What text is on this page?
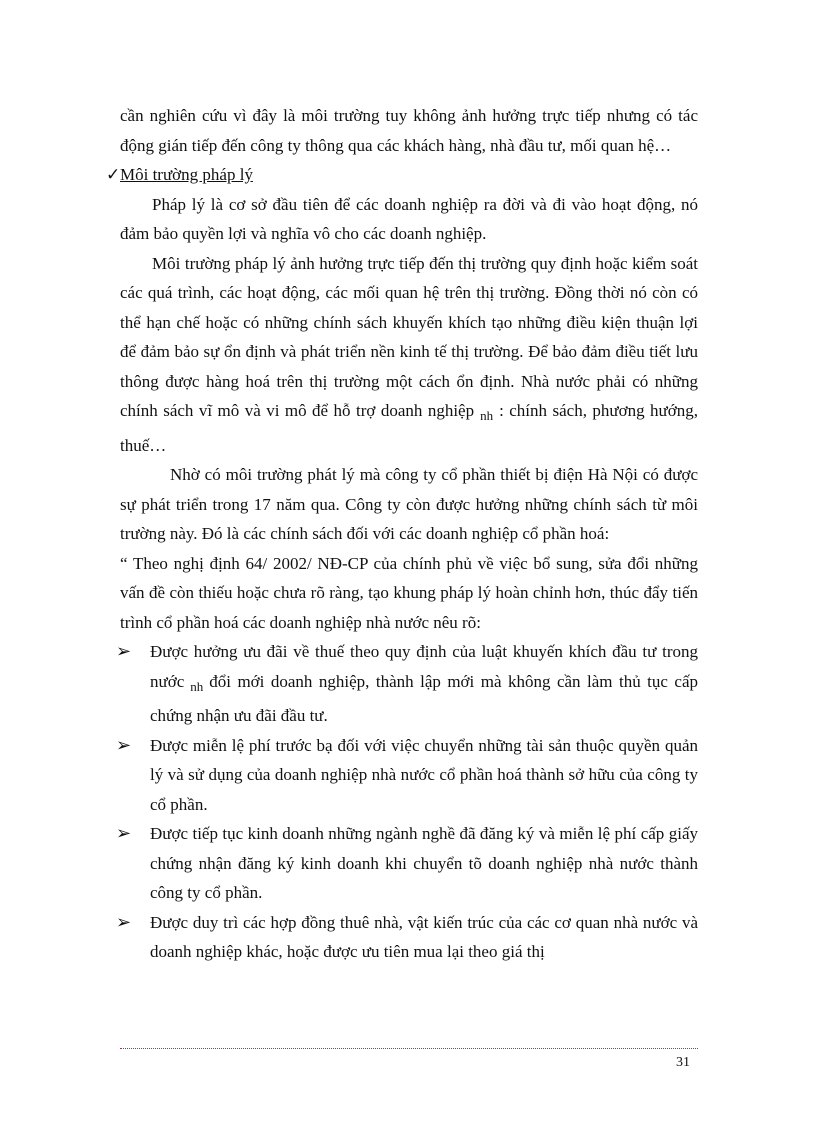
cần nghiên cứu vì đây là môi trường tuy không ảnh hưởng trực tiếp nhưng có tác động gián tiếp đến công ty thông qua các khách hàng, nhà đầu tư, mối quan hệ…

✓ Môi trường pháp lý

Pháp lý là cơ sở đầu tiên để các doanh nghiệp ra đời và đi vào hoạt động, nó đảm bảo quyền lợi và nghĩa vô cho các doanh nghiệp.

Môi trường pháp lý ảnh hưởng trực tiếp đến thị trường quy định hoặc kiểm soát các quá trình, các hoạt động, các mối quan hệ trên thị trường. Đồng thời nó còn có thể hạn chế hoặc có những chính sách khuyến khích tạo những điều kiện thuận lợi để đảm bảo sự ổn định và phát triển nền kinh tế thị trường. Để bảo đảm điều tiết lưu thông được hàng hoá trên thị trường một cách ổn định. Nhà nước phải có những chính sách vĩ mô và vi mô để hỗ trợ doanh nghiệp $_{nh}$ : chính sách, phương hướng, thuế…

Nhờ có môi trường phát lý mà công ty cổ phần thiết bị điện Hà Nội có được sự phát triển trong 17 năm qua. Công ty còn được hưởng những chính sách từ môi trường này. Đó là các chính sách đối với các doanh nghiệp cổ phần hoá:

“ Theo nghị định 64/ 2002/ NĐ-CP của chính phủ về việc bổ sung, sửa đổi những vấn đề còn thiếu hoặc chưa rõ ràng, tạo khung pháp lý hoàn chỉnh hơn, thúc đẩy tiến trình cổ phần hoá các doanh nghiệp nhà nước nêu rõ:

➢ Được hưởng ưu đãi về thuế theo quy định của luật khuyến khích đầu tư trong nước $_{nh}$ đổi mới doanh nghiệp, thành lập mới mà không cần làm thủ tục cấp chứng nhận ưu đãi đầu tư.

➢ Được miễn lệ phí trước bạ đối với việc chuyển những tài sản thuộc quyền quản lý và sử dụng của doanh nghiệp nhà nước cổ phần hoá thành sở hữu của công ty cổ phần.

➢ Được tiếp tục kinh doanh những ngành nghề đã đăng ký và miễn lệ phí cấp giấy chứng nhận đăng ký kinh doanh khi chuyển tõ doanh nghiệp nhà nước thành công ty cổ phần.

➢ Được duy trì các hợp đồng thuê nhà, vật kiến trúc của các cơ quan nhà nước và doanh nghiệp khác, hoặc được ưu tiên mua lại theo giá thị

31
